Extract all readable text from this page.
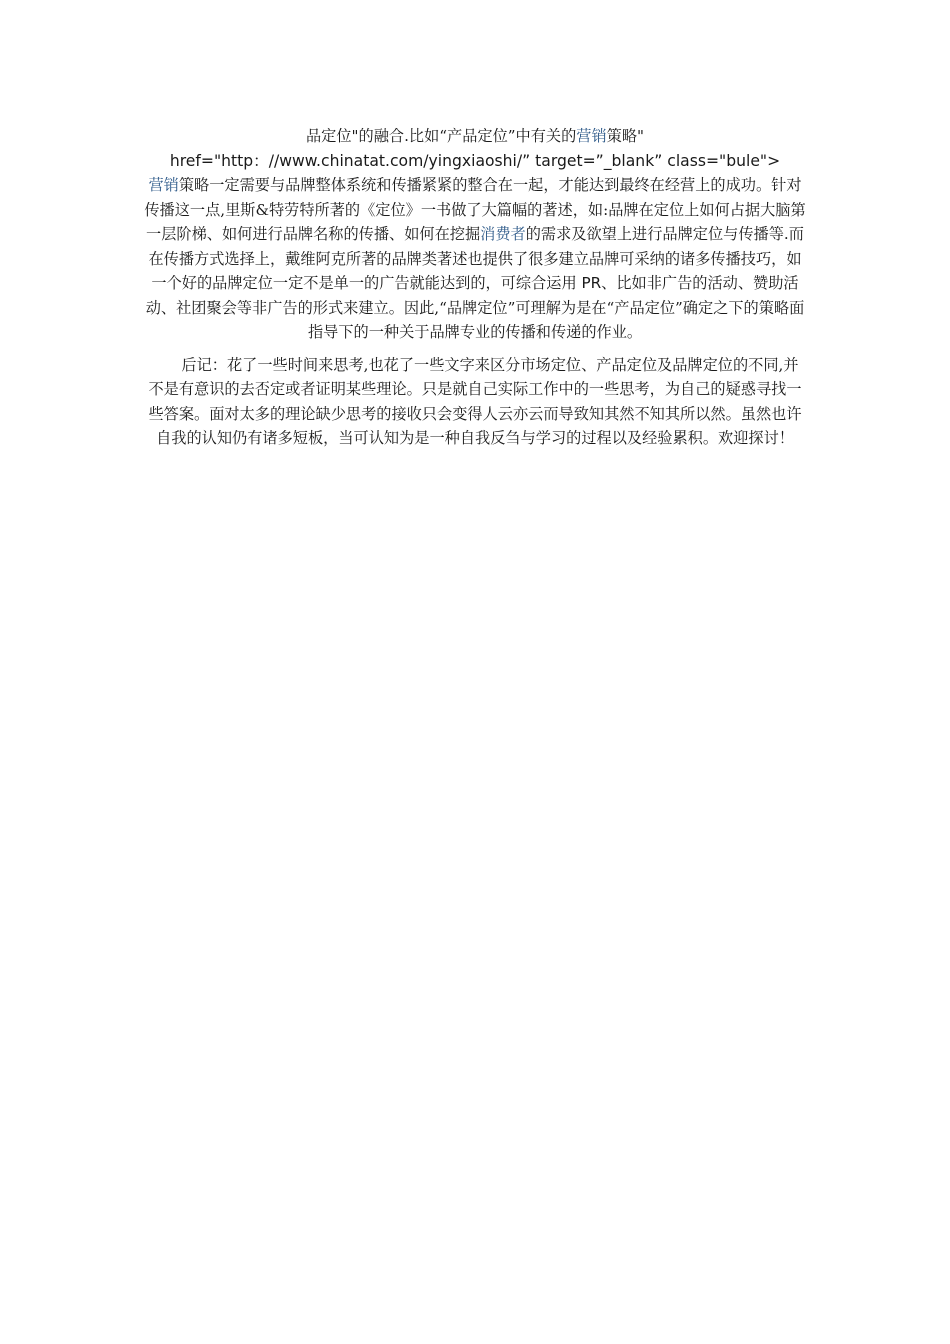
品定位"的融合.比如“产品定位”中有关的营销策略"
href="http：//www.chinatat.com/yingxiaoshi/” target=”_blank” class="bule">
营销策略一定需要与品牌整体系统和传播紧紧的整合在一起，才能达到最终在经营上的成功。针对传播这一点,里斯&特劳特所著的《定位》一书做了大篇幅的著述，如:品牌在定位上如何占据大脑第一层阶梯、如何进行品牌名称的传播、如何在挖掘消费者的需求及欲望上进行品牌定位与传播等.而在传播方式选择上，戴维阿克所著的品牌类著述也提供了很多建立品牌可采纳的诸多传播技巧，如一个好的品牌定位一定不是单一的广告就能达到的，可综合运用 PR、比如非广告的活动、赞助活动、社团聚会等非广告的形式来建立。因此,“品牌定位”可理解为是在“产品定位”确定之下的策略面指导下的一种关于品牌专业的传播和传递的作业。

后记：花了一些时间来思考,也花了一些文字来区分市场定位、产品定位及品牌定位的不同,并不是有意识的去否定或者证明某些理论。只是就自己实际工作中的一些思考，为自己的疑惑寻找一些答案。面对太多的理论缺少思考的接收只会变得人云亦云而导致知其然不知其所以然。虽然也许自我的认知仍有诸多短板，当可认知为是一种自我反刍与学习的过程以及经验累积。欢迎探讨！
